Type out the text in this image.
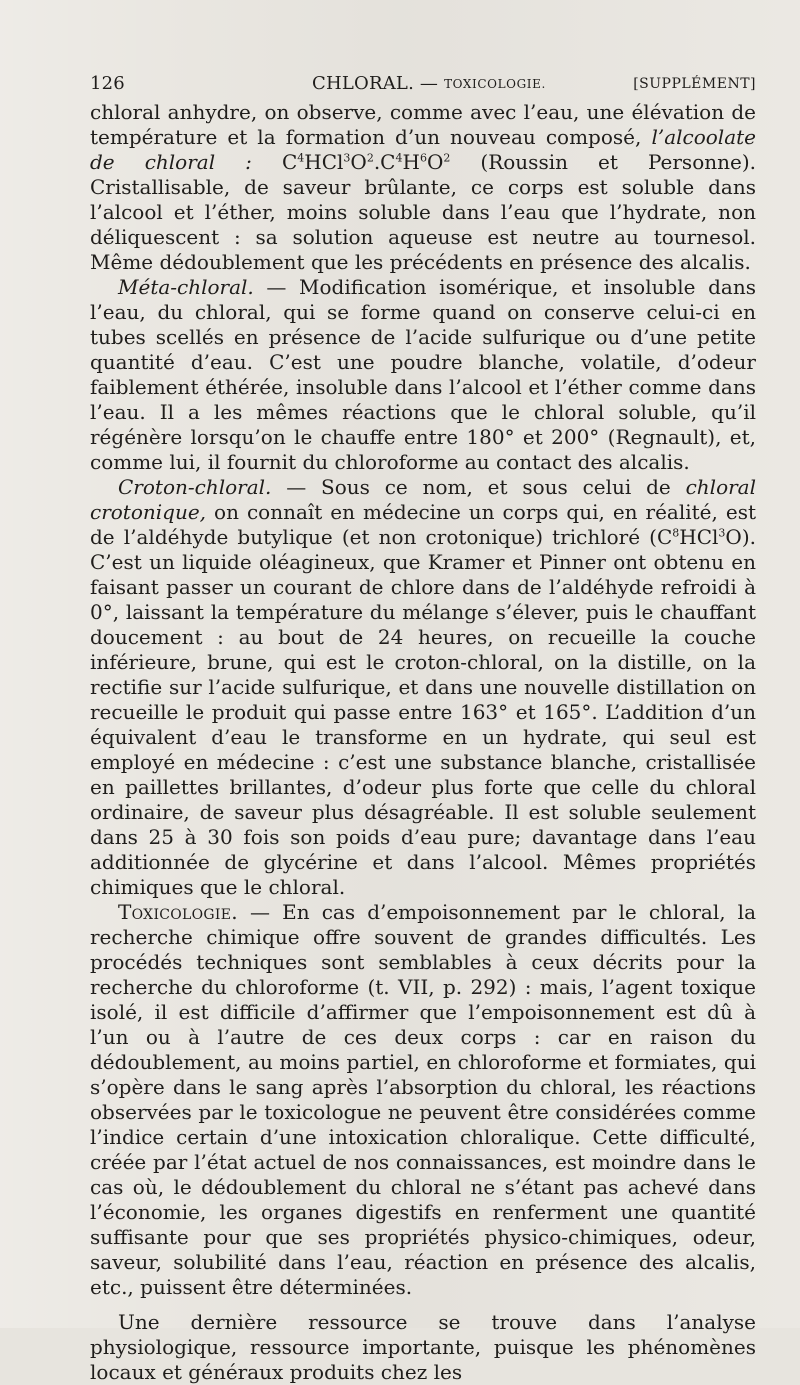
126	CHLORAL. — TOXICOLOGIE.	[SUPPLÉMENT]

chloral anhydre, on observe, comme avec l’eau, une élévation de température et la formation d’un nouveau composé, l’alcoolate de chloral : $C^4HCl^3O^2.C^4H^6O^2$ (Roussin et Personne). Cristallisable, de saveur brûlante, ce corps est soluble dans l’alcool et l’éther, moins soluble dans l’eau que l’hydrate, non déliquescent : sa solution aqueuse est neutre au tournesol. Même dédoublement que les précédents en présence des alcalis.

Méta-chloral. — Modification isomérique, et insoluble dans l’eau, du chloral, qui se forme quand on conserve celui-ci en tubes scellés en présence de l’acide sulfurique ou d’une petite quantité d’eau. C’est une poudre blanche, volatile, d’odeur faiblement éthérée, insoluble dans l’alcool et l’éther comme dans l’eau. Il a les mêmes réactions que le chloral soluble, qu’il régénère lorsqu’on le chauffe entre 180° et 200° (Regnault), et, comme lui, il fournit du chloroforme au contact des alcalis.

Croton-chloral. — Sous ce nom, et sous celui de chloral crotonique, on connaît en médecine un corps qui, en réalité, est de l’aldéhyde butylique (et non crotonique) trichloré $(C^8HCl^3O)$. C’est un liquide oléagineux, que Kramer et Pinner ont obtenu en faisant passer un courant de chlore dans de l’aldéhyde refroidi à 0°, laissant la température du mélange s’élever, puis le chauffant doucement : au bout de 24 heures, on recueille la couche inférieure, brune, qui est le croton-chloral, on la distille, on la rectifie sur l’acide sulfurique, et dans une nouvelle distillation on recueille le produit qui passe entre 163° et 165°. L’addition d’un équivalent d’eau le transforme en un hydrate, qui seul est employé en médecine : c’est une substance blanche, cristallisée en paillettes brillantes, d’odeur plus forte que celle du chloral ordinaire, de saveur plus désagréable. Il est soluble seulement dans 25 à 30 fois son poids d’eau pure; davantage dans l’eau additionnée de glycérine et dans l’alcool. Mêmes propriétés chimiques que le chloral.

Toxicologie. — En cas d’empoisonnement par le chloral, la recherche chimique offre souvent de grandes difficultés. Les procédés techniques sont semblables à ceux décrits pour la recherche du chloroforme (t. VII, p. 292) : mais, l’agent toxique isolé, il est difficile d’affirmer que l’empoisonnement est dû à l’un ou à l’autre de ces deux corps : car en raison du dédoublement, au moins partiel, en chloroforme et formiates, qui s’opère dans le sang après l’absorption du chloral, les réactions observées par le toxicologue ne peuvent être considérées comme l’indice certain d’une intoxication chloralique. Cette difficulté, créée par l’état actuel de nos connaissances, est moindre dans le cas où, le dédoublement du chloral ne s’étant pas achevé dans l’économie, les organes digestifs en renferment une quantité suffisante pour que ses propriétés physico-chimiques, odeur, saveur, solubilité dans l’eau, réaction en présence des alcalis, etc., puissent être déterminées.

Une dernière ressource se trouve dans l’analyse physiologique, ressource importante, puisque les phénomènes locaux et généraux produits chez les
